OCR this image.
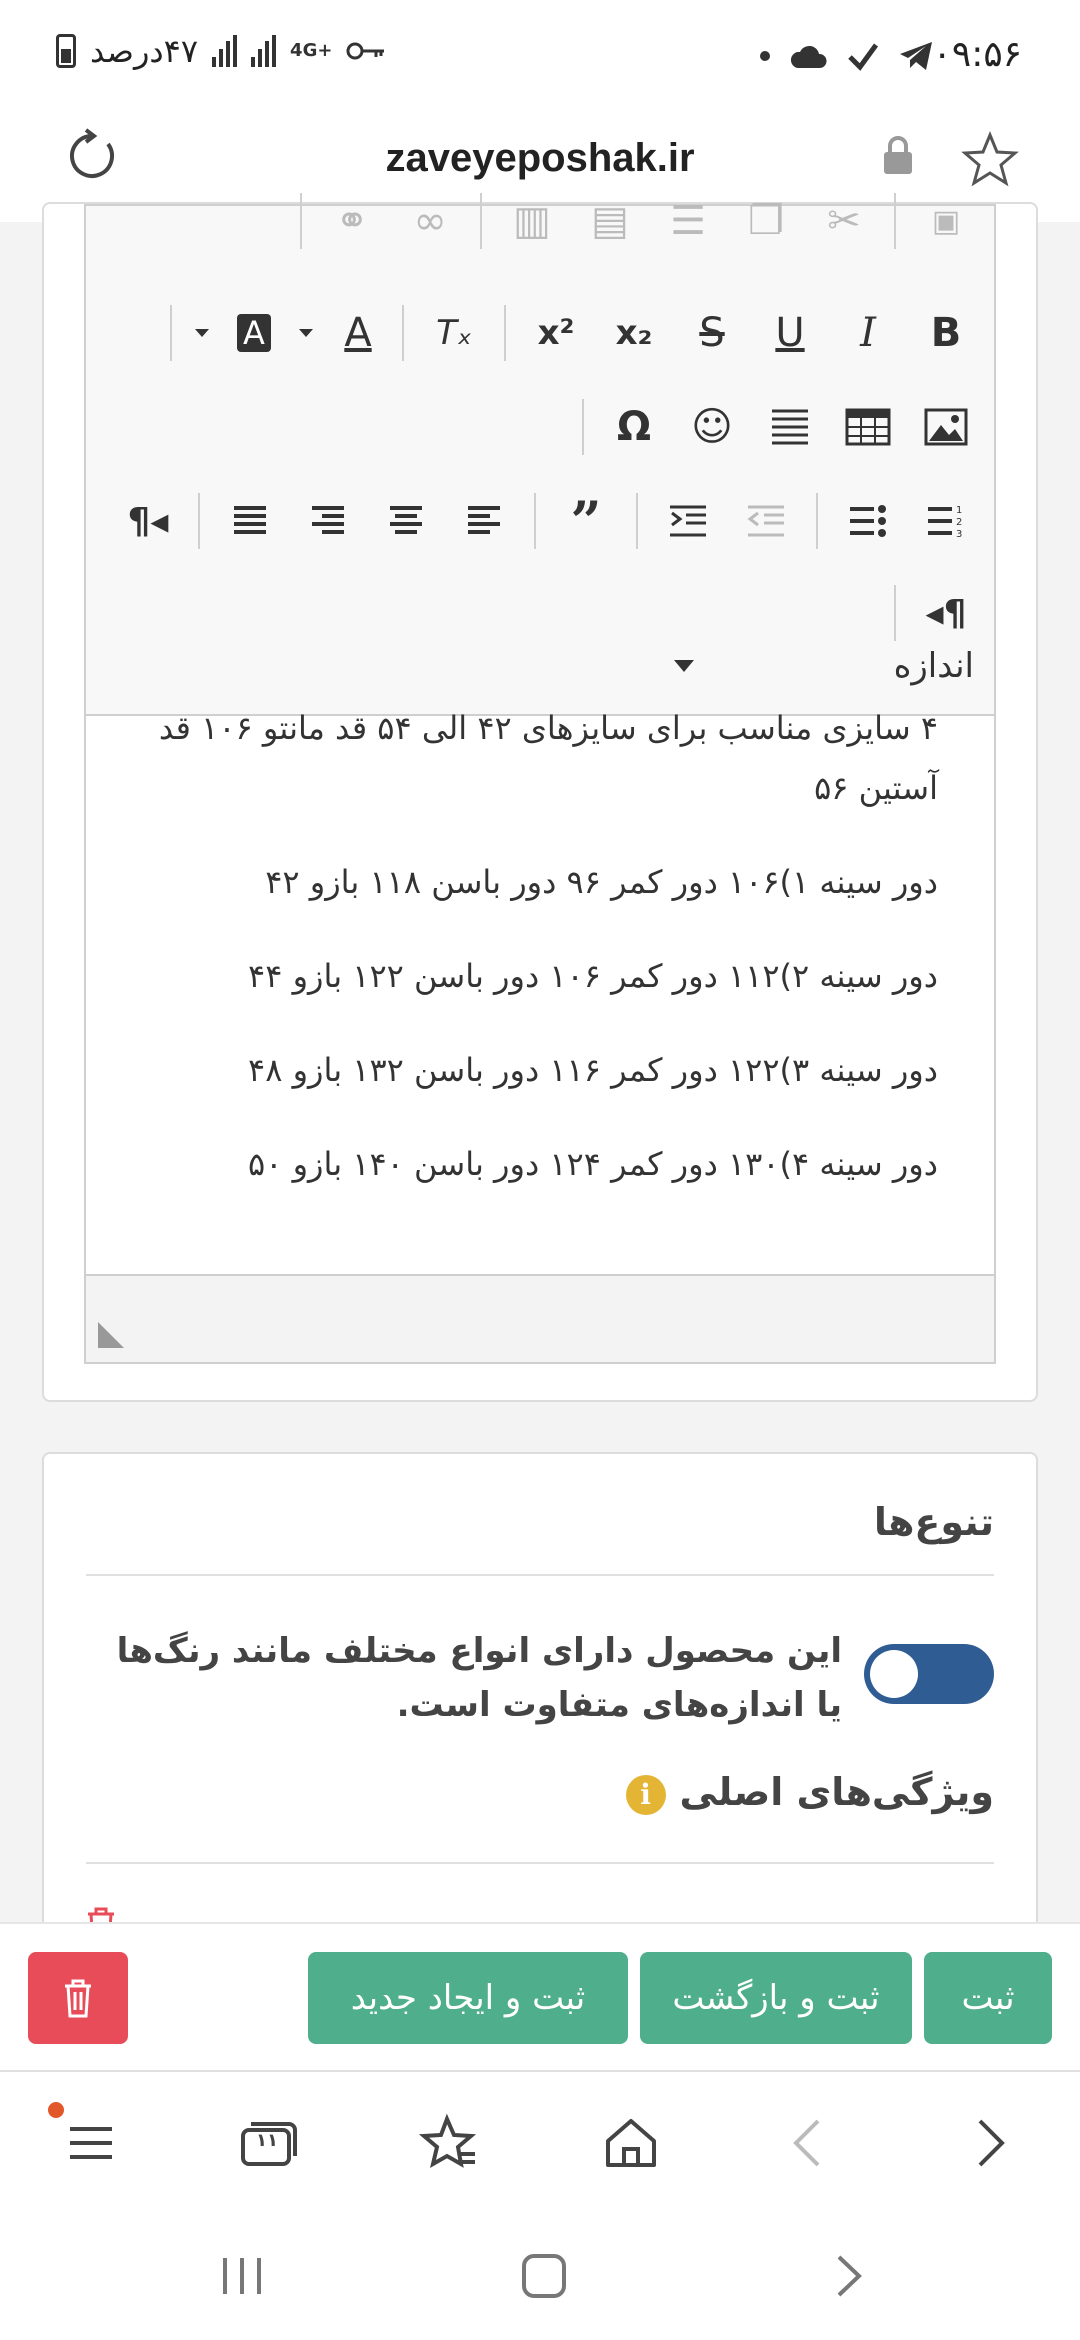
۴۷درصد	4G+	۰۹:۵۶
zaveyeposhak.ir
▣
✂
❐
☰
▤
▥
∞
⚭
B
I
U
S
x₂
x²
Tₓ
A
A
☺
Ω
1
2
3
”
¶ ◂
◂ ¶
اندازه

۴ سایزی مناسب برای سایزهای ۴۲ الی ۵۴ قد مانتو ۱۰۶ قد

آستین ۵۶

دور سینه ۱)۱۰۶ دور کمر ۹۶ دور باسن ۱۱۸ بازو ۴۲

دور سینه ۲)۱۱۲ دور کمر ۱۰۶ دور باسن ۱۲۲ بازو ۴۴

دور سینه ۳)۱۲۲ دور کمر ۱۱۶ دور باسن ۱۳۲ بازو ۴۸

دور سینه ۴)۱۳۰ دور کمر ۱۲۴ دور باسن ۱۴۰ بازو ۵۰

تنوع‌ها
این محصول دارای انواع مختلف مانند رنگ‌ها یا اندازه‌های متفاوت است.
ویژگی‌های اصلیi
ثبت
ثبت و بازگشت
ثبت و ایجاد جدید
۱۱
